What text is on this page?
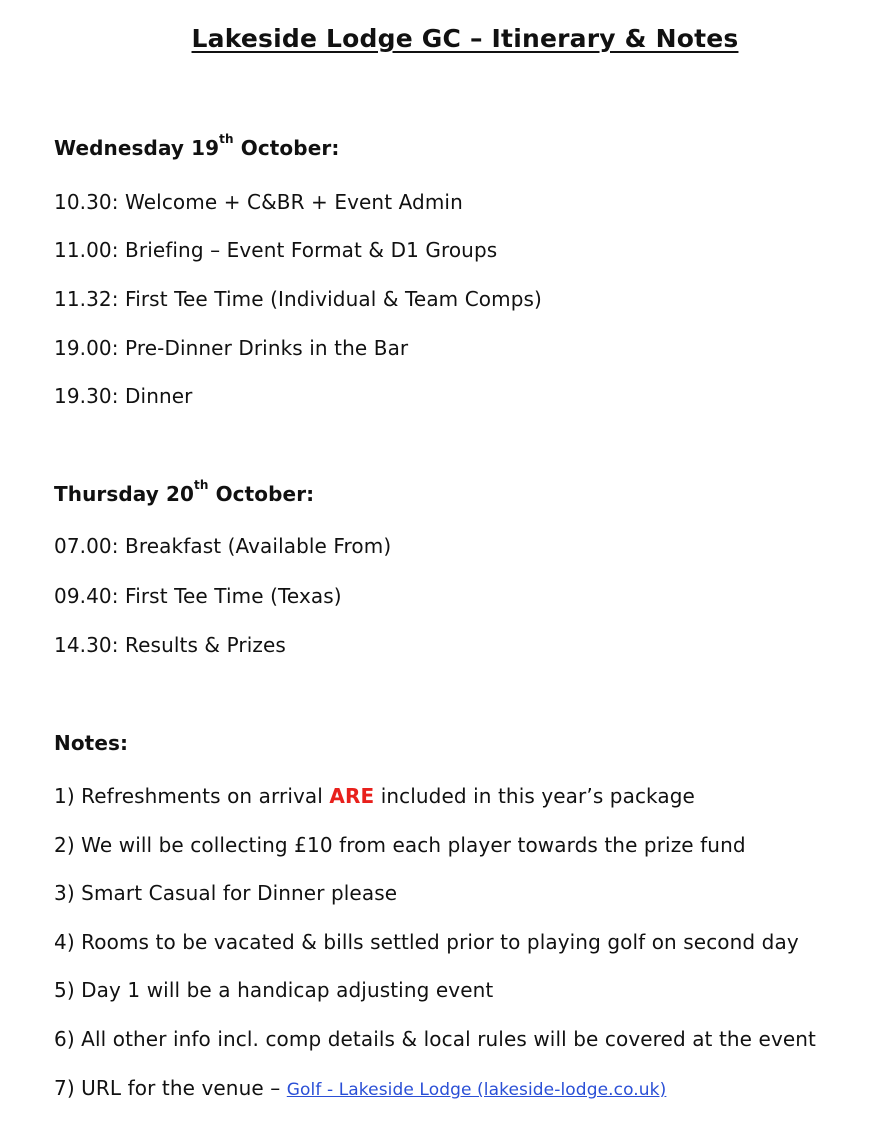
Lakeside Lodge GC – Itinerary & Notes
Wednesday 19th October:
10.30: Welcome + C&BR + Event Admin
11.00: Briefing – Event Format & D1 Groups
11.32: First Tee Time (Individual & Team Comps)
19.00: Pre-Dinner Drinks in the Bar
19.30: Dinner
Thursday 20th October:
07.00: Breakfast (Available From)
09.40: First Tee Time (Texas)
14.30: Results & Prizes
Notes:
1) Refreshments on arrival ARE included in this year’s package
2) We will be collecting £10 from each player towards the prize fund
3) Smart Casual for Dinner please
4) Rooms to be vacated & bills settled prior to playing golf on second day
5) Day 1 will be a handicap adjusting event
6) All other info incl. comp details & local rules will be covered at the event
7) URL for the venue – Golf - Lakeside Lodge (lakeside-lodge.co.uk)
